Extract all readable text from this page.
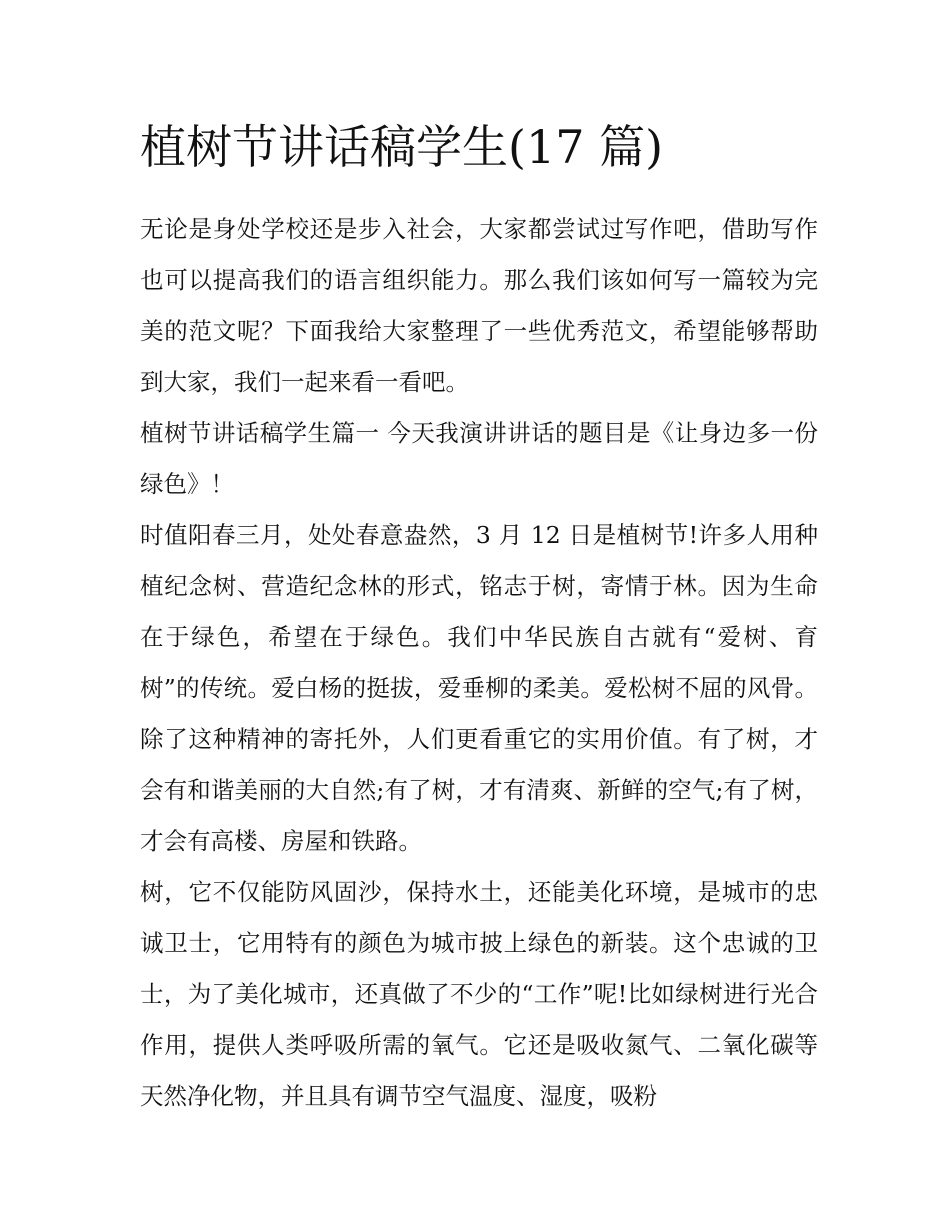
植树节讲话稿学生(17 篇)

无论是身处学校还是步入社会，大家都尝试过写作吧，借助写作也可以提高我们的语言组织能力。那么我们该如何写一篇较为完美的范文呢？下面我给大家整理了一些优秀范文，希望能够帮助到大家，我们一起来看一看吧。

植树节讲话稿学生篇一 今天我演讲讲话的题目是《让身边多一份绿色》！

时值阳春三月，处处春意盎然，3 月 12 日是植树节!许多人用种植纪念树、营造纪念林的形式，铭志于树，寄情于林。因为生命在于绿色，希望在于绿色。我们中华民族自古就有“爱树、育树”的传统。爱白杨的挺拔，爱垂柳的柔美。爱松树不屈的风骨。除了这种精神的寄托外，人们更看重它的实用价值。有了树，才会有和谐美丽的大自然;有了树，才有清爽、新鲜的空气;有了树，才会有高楼、房屋和铁路。

树，它不仅能防风固沙，保持水土，还能美化环境，是城市的忠诚卫士，它用特有的颜色为城市披上绿色的新装。这个忠诚的卫士，为了美化城市，还真做了不少的“工作”呢!比如绿树进行光合作用，提供人类呼吸所需的氧气。它还是吸收氮气、二氧化碳等天然净化物，并且具有调节空气温度、湿度，吸粉
